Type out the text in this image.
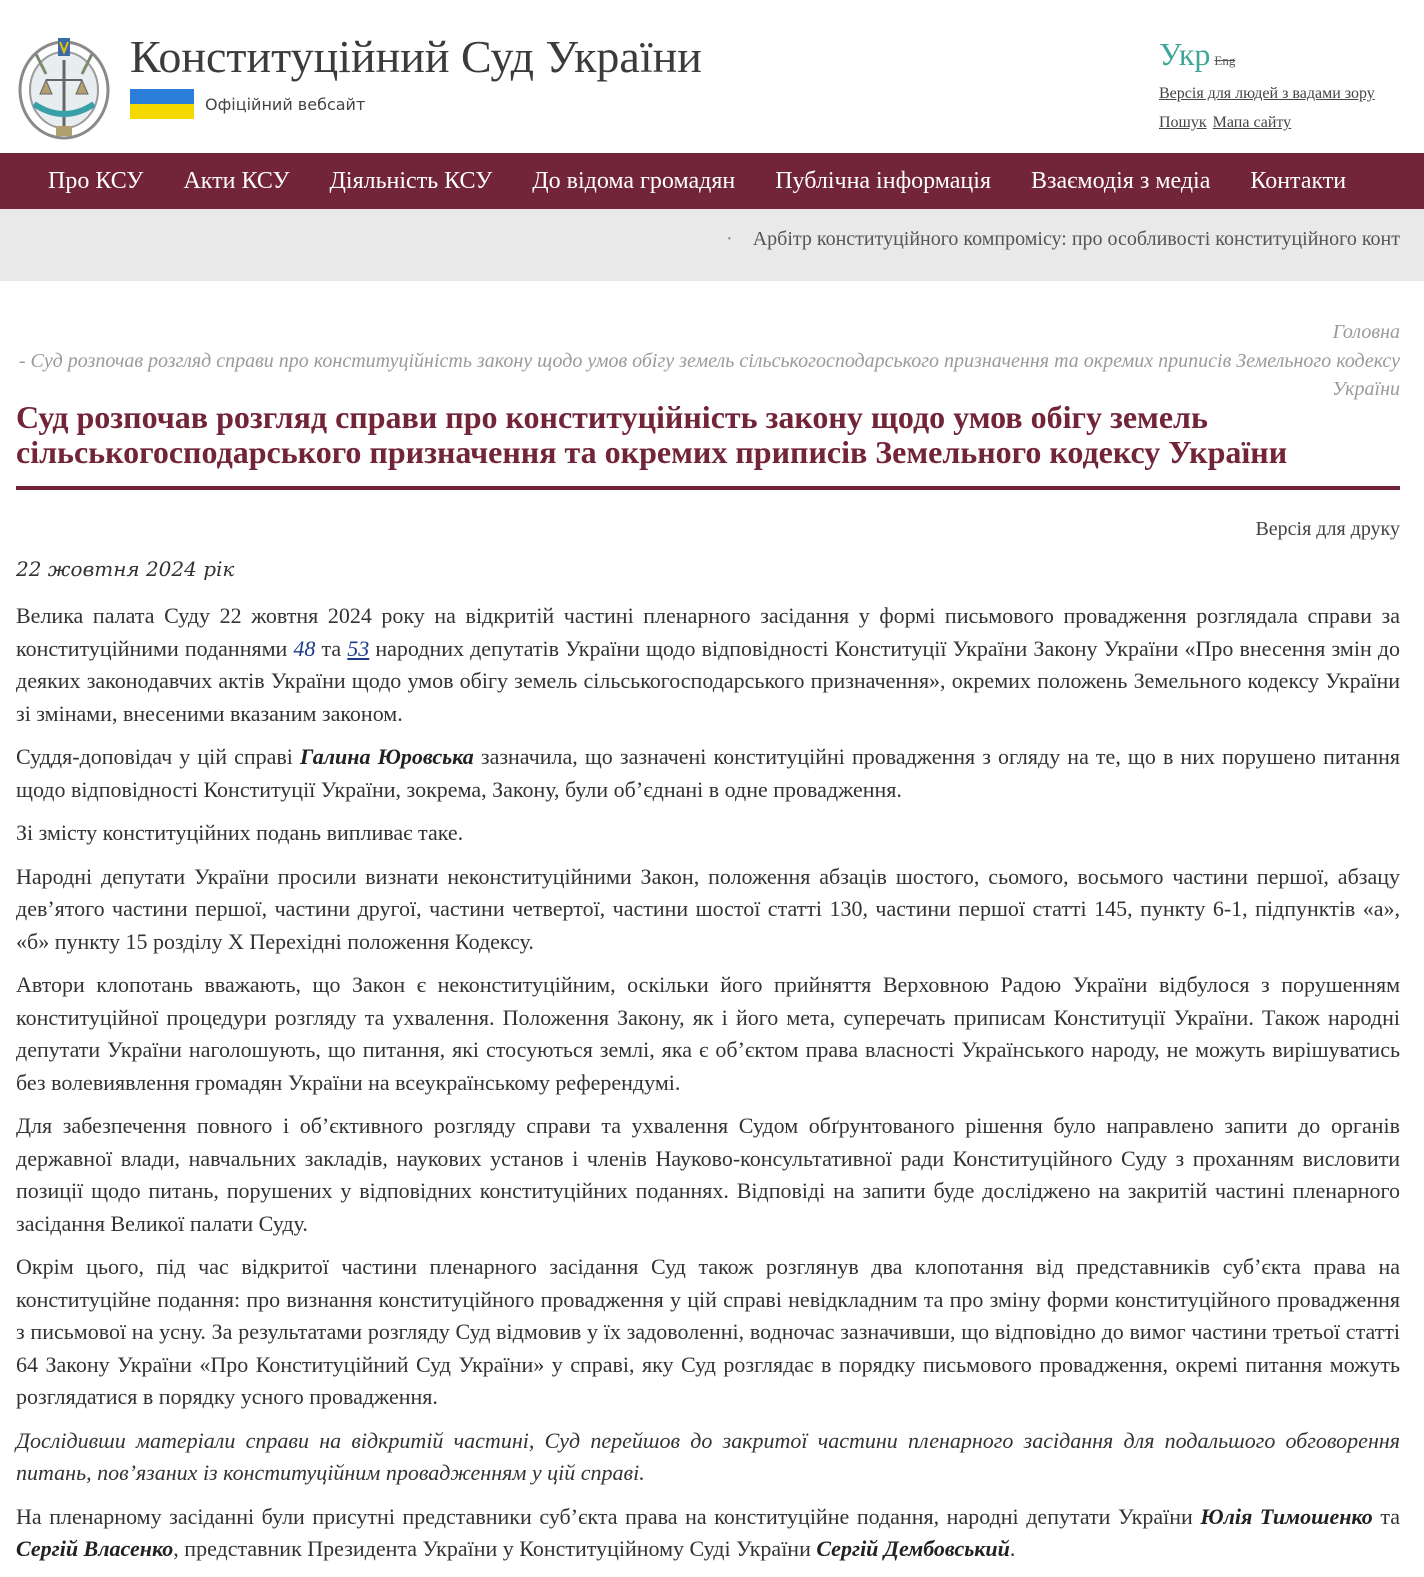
Конституційний Суд України
Офіційний вебсайт
Укр Eng
Версія для людей з вадами зору
Пошук Мапа сайту
Про КСУ Акти КСУ Діяльність КСУ До відома громадян Публічна інформація Взаємодія з медіа Контакти
· Арбітр конституційного компромісу: про особливості конституційного конт
Головна
- Суд розпочав розгляд справи про конституційність закону щодо умов обігу земель сільськогосподарського призначення та окремих приписів Земельного кодексу України
Суд розпочав розгляд справи про конституційність закону щодо умов обігу земель сільськогосподарського призначення та окремих приписів Земельного кодексу України
Версія для друку
22 жовтня 2024 рік

Велика палата Суду 22 жовтня 2024 року на відкритій частині пленарного засідання у формі письмового провадження розглядала справи за конституційними поданнями 48 та 53 народних депутатів України щодо відповідності Конституції України Закону України «Про внесення змін до деяких законодавчих актів України щодо умов обігу земель сільськогосподарського призначення», окремих положень Земельного кодексу України зі змінами, внесеними вказаним законом.

Суддя-доповідач у цій справі Галина Юровська зазначила, що зазначені конституційні провадження з огляду на те, що в них порушено питання щодо відповідності Конституції України, зокрема, Закону, були об’єднані в одне провадження.

Зі змісту конституційних подань випливає таке.

Народні депутати України просили визнати неконституційними Закон, положення абзаців шостого, сьомого, восьмого частини першої, абзацу дев’ятого частини першої, частини другої, частини четвертої, частини шостої статті 130, частини першої статті 145, пункту 6-1, підпунктів «а», «б» пункту 15 розділу X Перехідні положення Кодексу.

Автори клопотань вважають, що Закон є неконституційним, оскільки його прийняття Верховною Радою України відбулося з порушенням конституційної процедури розгляду та ухвалення. Положення Закону, як і його мета, суперечать приписам Конституції України. Також народні депутати України наголошують, що питання, які стосуються землі, яка є об’єктом права власності Українського народу, не можуть вирішуватись без волевиявлення громадян України на всеукраїнському референдумі.

Для забезпечення повного і об’єктивного розгляду справи та ухвалення Судом обґрунтованого рішення було направлено запити до органів державної влади, навчальних закладів, наукових установ і членів Науково-консультативної ради Конституційного Суду з проханням висловити позиції щодо питань, порушених у відповідних конституційних поданнях. Відповіді на запити буде досліджено на закритій частині пленарного засідання Великої палати Суду.

Окрім цього, під час відкритої частини пленарного засідання Суд також розглянув два клопотання від представників суб’єкта права на конституційне подання: про визнання конституційного провадження у цій справі невідкладним та про зміну форми конституційного провадження з письмової на усну. За результатами розгляду Суд відмовив у їх задоволенні, водночас зазначивши, що відповідно до вимог частини третьої статті 64 Закону України «Про Конституційний Суд України» у справі, яку Суд розглядає в порядку письмового провадження, окремі питання можуть розглядатися в порядку усного провадження.

Дослідивши матеріали справи на відкритій частині, Суд перейшов до закритої частини пленарного засідання для подальшого обговорення питань, пов’язаних із конституційним провадженням у цій справі.

На пленарному засіданні були присутні представники суб’єкта права на конституційне подання, народні депутати України Юлія Тимошенко та Сергій Власенко, представник Президента України у Конституційному Суді України Сергій Дембовський.
